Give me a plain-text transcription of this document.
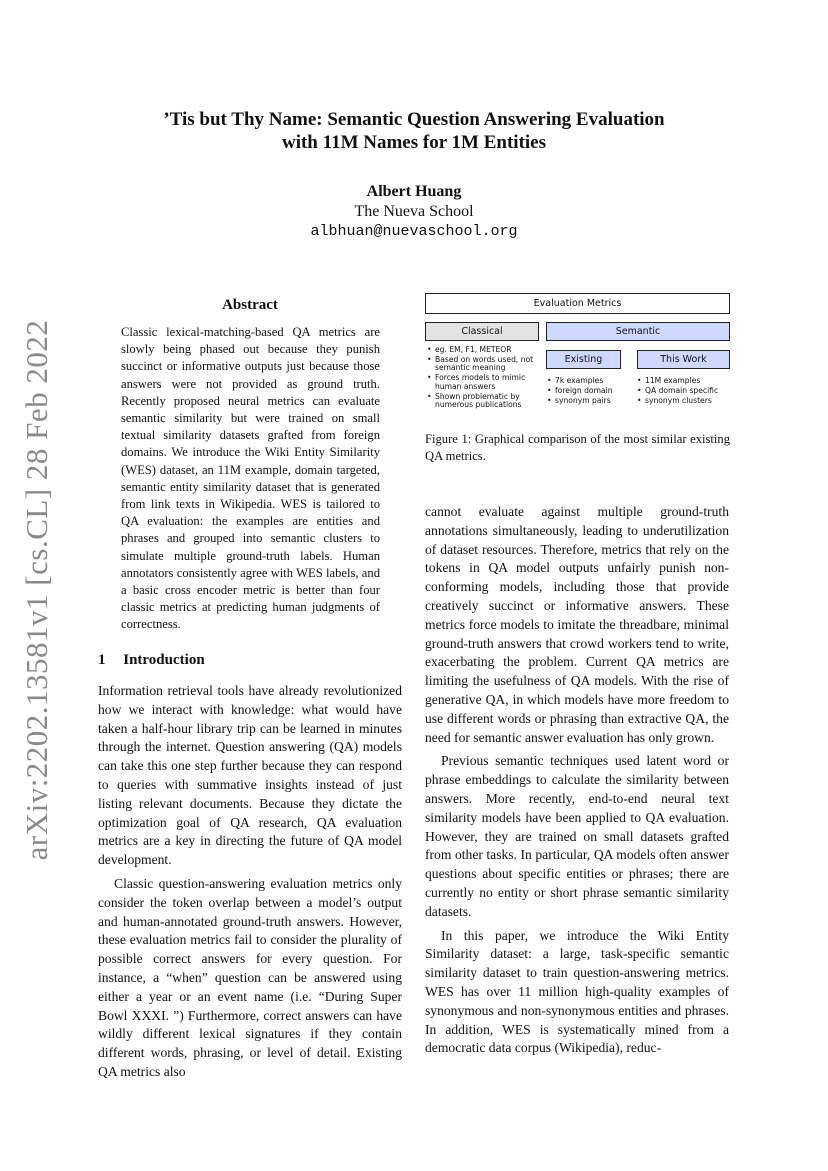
’Tis but Thy Name: Semantic Question Answering Evaluation
with 11M Names for 1M Entities
Albert Huang
The Nueva School
albhuan@nuevaschool.org
arXiv:2202.13581v1 [cs.CL] 28 Feb 2022
Abstract

Classic lexical-matching-based QA metrics are slowly being phased out because they punish succinct or informative outputs just because those answers were not provided as ground truth. Recently proposed neural metrics can evaluate semantic similarity but were trained on small textual similarity datasets grafted from foreign domains. We introduce the Wiki Entity Similarity (WES) dataset, an 11M example, domain targeted, semantic entity similarity dataset that is generated from link texts in Wikipedia. WES is tailored to QA evaluation: the examples are entities and phrases and grouped into semantic clusters to simulate multiple ground-truth labels. Human annotators consistently agree with WES labels, and a basic cross encoder metric is better than four classic metrics at predicting human judgments of correctness.

1 Introduction

Information retrieval tools have already revolutionized how we interact with knowledge: what would have taken a half-hour library trip can be learned in minutes through the internet. Question answering (QA) models can take this one step further because they can respond to queries with summative insights instead of just listing relevant documents. Because they dictate the optimization goal of QA research, QA evaluation metrics are a key in directing the future of QA model development.

Classic question-answering evaluation metrics only consider the token overlap between a model’s output and human-annotated ground-truth answers. However, these evaluation metrics fail to consider the plurality of possible correct answers for every question. For instance, a “when” question can be answered using either a year or an event name (i.e. “During Super Bowl XXXI. ”) Furthermore, correct answers can have wildly different lexical signatures if they contain different words, phrasing, or level of detail. Existing QA metrics also

Evaluation Metrics
Classical	Semantic
• eg. EM, F1, METEOR
• Based on words used, not semantic meaning
• Forces models to mimic human answers
• Shown problematic by numerous publications
Existing	This Work
• 7k examples
• foreign domain
• synonym pairs
• 11M examples
• QA domain specific
• synonym clusters
Figure 1: Graphical comparison of the most similar existing QA metrics.

cannot evaluate against multiple ground-truth annotations simultaneously, leading to underutilization of dataset resources. Therefore, metrics that rely on the tokens in QA model outputs unfairly punish non-conforming models, including those that provide creatively succinct or informative answers. These metrics force models to imitate the threadbare, minimal ground-truth answers that crowd workers tend to write, exacerbating the problem. Current QA metrics are limiting the usefulness of QA models. With the rise of generative QA, in which models have more freedom to use different words or phrasing than extractive QA, the need for semantic answer evaluation has only grown.

Previous semantic techniques used latent word or phrase embeddings to calculate the similarity between answers. More recently, end-to-end neural text similarity models have been applied to QA evaluation. However, they are trained on small datasets grafted from other tasks. In particular, QA models often answer questions about specific entities or phrases; there are currently no entity or short phrase semantic similarity datasets.

In this paper, we introduce the Wiki Entity Similarity dataset: a large, task-specific semantic similarity dataset to train question-answering metrics. WES has over 11 million high-quality examples of synonymous and non-synonymous entities and phrases. In addition, WES is systematically mined from a democratic data corpus (Wikipedia), reduc-
